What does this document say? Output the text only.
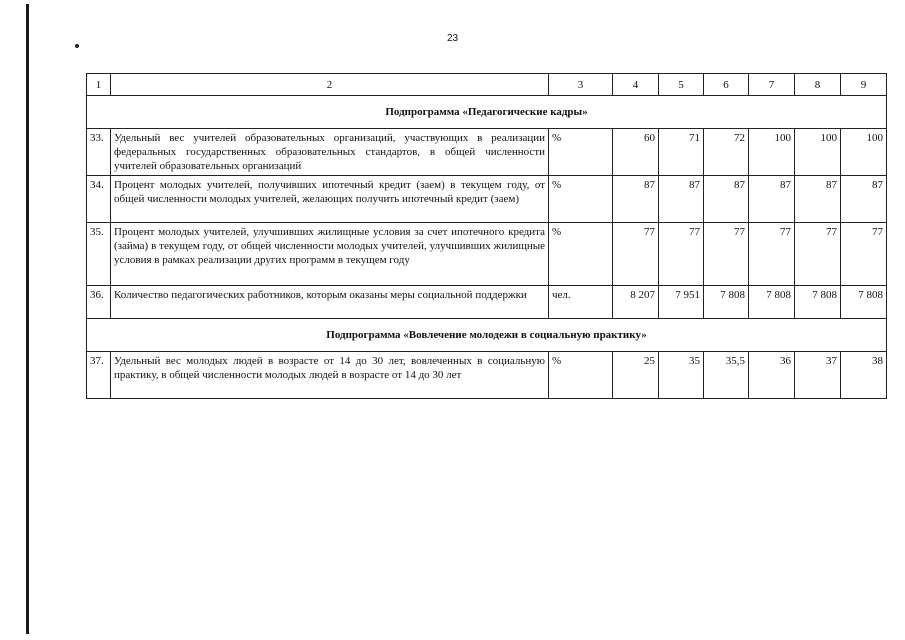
23
1	2	3	4	5	6	7	8	9
Подпрограмма «Педагогические кадры»								
33.	Удельный вес учителей образовательных организаций, участвующих в реализации федеральных государственных образовательных стандартов, в общей численности учителей образовательных организаций	%	60	71	72	100	100	100
34.	Процент молодых учителей, получивших ипотечный кредит (заем) в текущем году, от общей численности молодых учителей, желающих получить ипотечный кредит (заем)	%	87	87	87	87	87	87
35.	Процент молодых учителей, улучшивших жилищные условия за счет ипотечного кредита (займа) в текущем году, от общей численности молодых учителей, улучшивших жилищные условия в рамках реализации других программ в текущем году	%	77	77	77	77	77	77
36.	Количество педагогических работников, которым оказаны меры социальной поддержки	чел.	8 207	7 951	7 808	7 808	7 808	7 808
Подпрограмма «Вовлечение молодежи в социальную практику»								
37.	Удельный вес молодых людей в возрасте от 14 до 30 лет, вовлеченных в социальную практику, в общей численности молодых людей в возрасте от 14 до 30 лет	%	25	35	35,5	36	37	38
